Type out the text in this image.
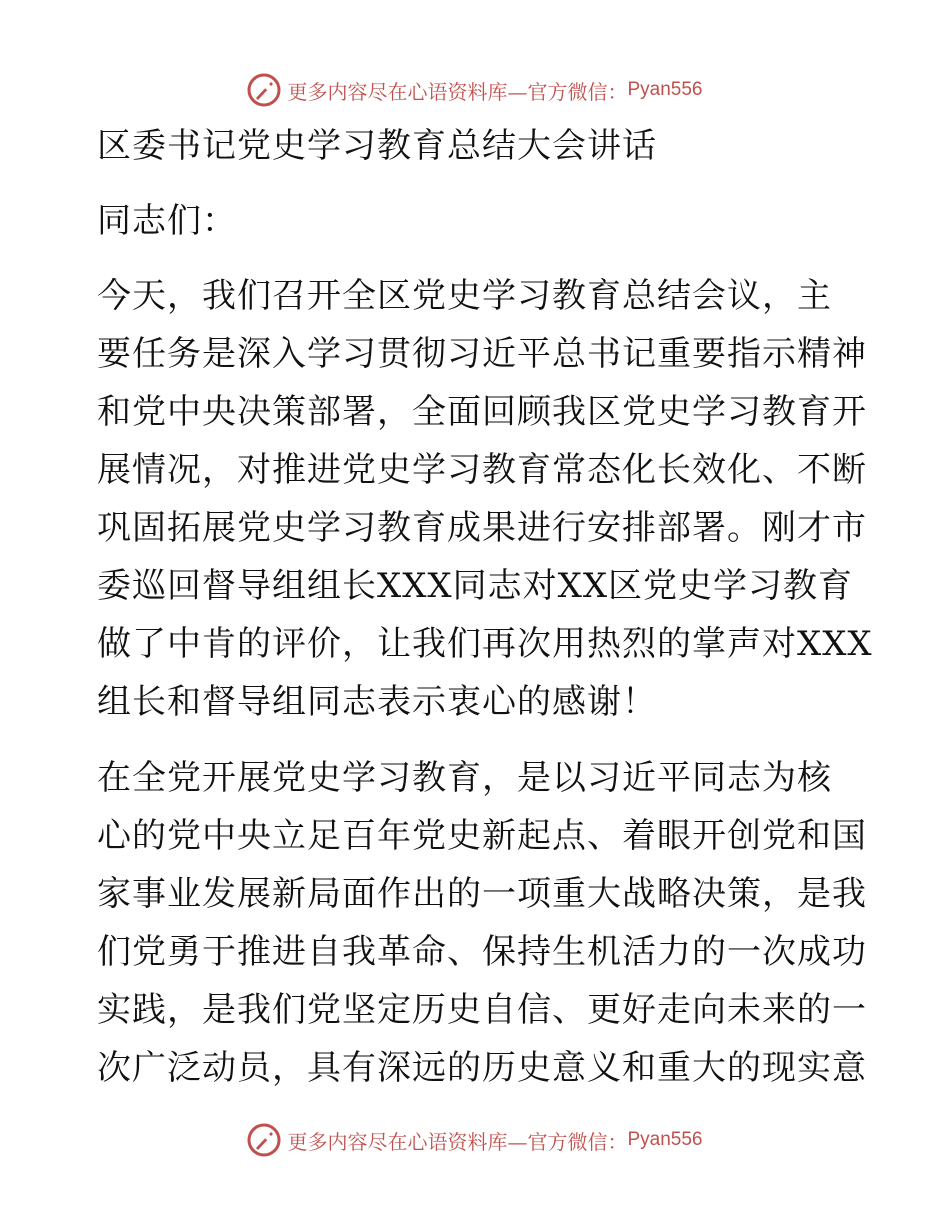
更多内容尽在心语资料库—官方微信： Pyan556
区委书记党史学习教育总结大会讲话
同志们：
今天，我们召开全区党史学习教育总结会议，主
要任务是深入学习贯彻习近平总书记重要指示精神
和党中央决策部署，全面回顾我区党史学习教育开
展情况，对推进党史学习教育常态化长效化、不断
巩固拓展党史学习教育成果进行安排部署。刚才市
委巡回督导组组长XXX同志对XX区党史学习教育
做了中肯的评价，让我们再次用热烈的掌声对XXX
组长和督导组同志表示衷心的感谢！
在全党开展党史学习教育，是以习近平同志为核
心的党中央立足百年党史新起点、着眼开创党和国
家事业发展新局面作出的一项重大战略决策，是我
们党勇于推进自我革命、保持生机活力的一次成功
实践，是我们党坚定历史自信、更好走向未来的一
次广泛动员，具有深远的历史意义和重大的现实意
更多内容尽在心语资料库—官方微信： Pyan556
